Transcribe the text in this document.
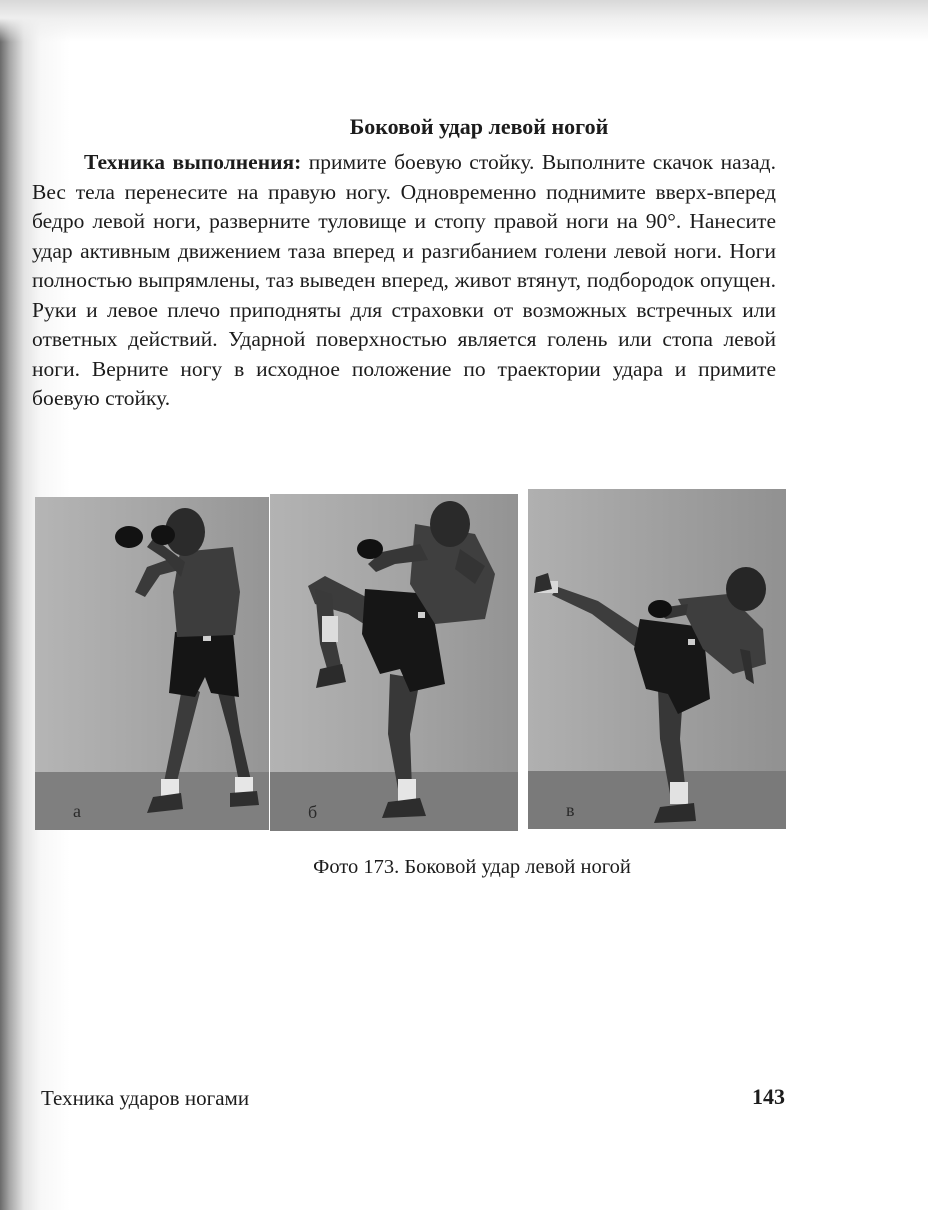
Боковой удар левой ногой

Техника выполнения: примите боевую стойку. Выполните скачок назад. Вес тела перенесите на правую ногу. Одновременно поднимите вверх-вперед бедро левой ноги, разверните туловище и стопу правой ноги на 90°. Нанесите удар активным движением таза вперед и разгибанием голени левой ноги. Ноги полностью выпрямлены, таз выведен вперед, живот втянут, подбородок опущен. Руки и левое плечо приподняты для страховки от возможных встречных или ответных действий. Ударной поверхностью является голень или стопа левой ноги. Верните ногу в исходное положение по траектории удара и примите боевую стойку.

а	б	в
Фото 173. Боковой удар левой ногой
Техника ударов ногами	143
